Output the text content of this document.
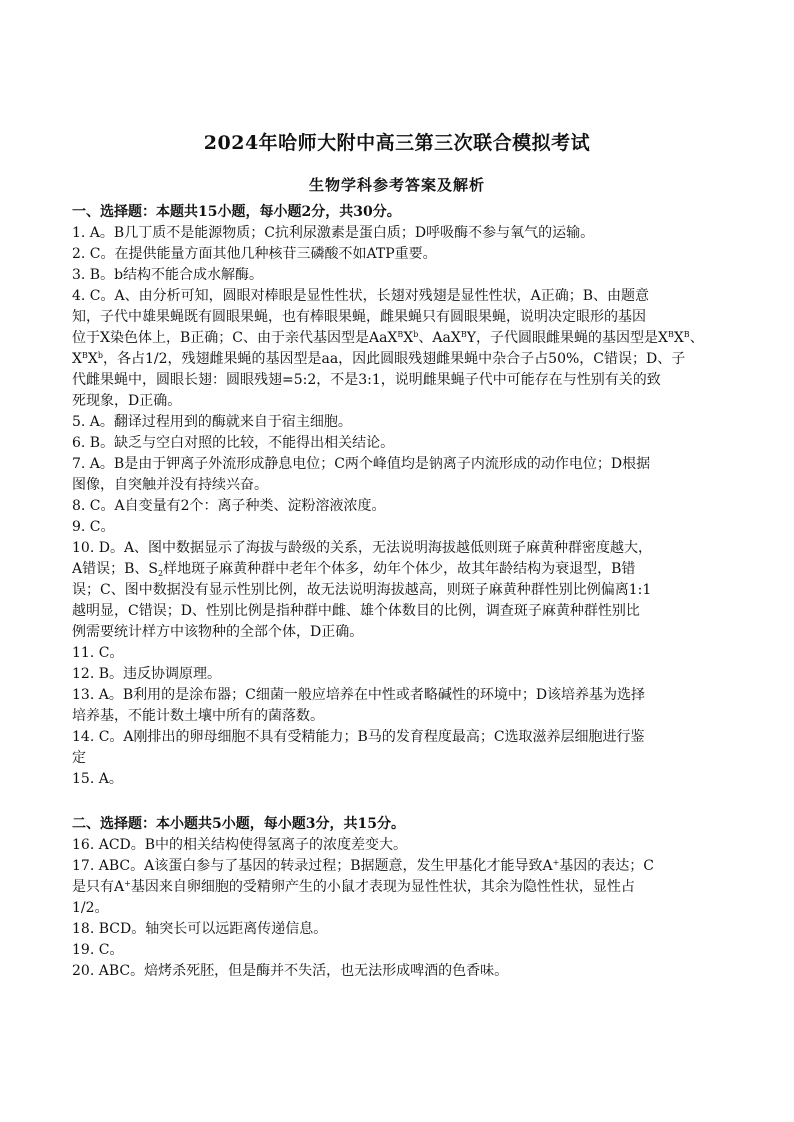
2024年哈师大附中高三第三次联合模拟考试
生物学科参考答案及解析
一、选择题：本题共15小题，每小题2分，共30分。
1. A。B几丁质不是能源物质；C抗利尿激素是蛋白质；D呼吸酶不参与氧气的运输。
2. C。在提供能量方面其他几种核苷三磷酸不如ATP重要。
3. B。b结构不能合成水解酶。
4. C。A、由分析可知，圆眼对棒眼是显性性状，长翅对残翅是显性性状，A正确；B、由题意
知，子代中雄果蝇既有圆眼果蝇，也有棒眼果蝇，雌果蝇只有圆眼果蝇，说明决定眼形的基因
位于X染色体上，B正确；C、由于亲代基因型是$AaX^BX^b$、AaX$^B$Y，子代圆眼雌果蝇的基因型是$X^BX^B$、
$X^BX^b$，各占1/2，残翅雌果蝇的基因型是aa，因此圆眼残翅雌果蝇中杂合子占50%，C错误；D、子
代雌果蝇中，圆眼长翅：圆眼残翅=5:2，不是3:1，说明雌果蝇子代中可能存在与性别有关的致
死现象，D正确。
5. A。翻译过程用到的酶就来自于宿主细胞。
6. B。缺乏与空白对照的比较，不能得出相关结论。
7. A。B是由于钾离子外流形成静息电位；C两个峰值均是钠离子内流形成的动作电位；D根据
图像，自突触并没有持续兴奋。
8. C。A自变量有2个：离子种类、淀粉溶液浓度。
9. C。
10. D。A、图中数据显示了海拔与龄级的关系，无法说明海拔越低则斑子麻黄种群密度越大，
A错误；B、$S_2$样地斑子麻黄种群中老年个体多，幼年个体少，故其年龄结构为衰退型，B错
误；C、图中数据没有显示性别比例，故无法说明海拔越高，则斑子麻黄种群性别比例偏离1:1
越明显，C错误；D、性别比例是指种群中雌、雄个体数目的比例，调查斑子麻黄种群性别比
例需要统计样方中该物种的全部个体，D正确。
11. C。
12. B。违反协调原理。
13. A。B利用的是涂布器；C细菌一般应培养在中性或者略碱性的环境中；D该培养基为选择
培养基，不能计数土壤中所有的菌落数。
14. C。A刚排出的卵母细胞不具有受精能力；B马的发育程度最高；C选取滋养层细胞进行鉴
定
15. A。
二、选择题：本小题共5小题，每小题3分，共15分。
16. ACD。B中的相关结构使得氢离子的浓度差变大。
17. ABC。A该蛋白参与了基因的转录过程；B据题意，发生甲基化才能导致A+基因的表达；C
是只有A+基因来自卵细胞的受精卵产生的小鼠才表现为显性性状，其余为隐性性状，显性占
1/2。
18. BCD。轴突长可以远距离传递信息。
19. C。
20. ABC。焙烤杀死胚，但是酶并不失活，也无法形成啤酒的色香味。
